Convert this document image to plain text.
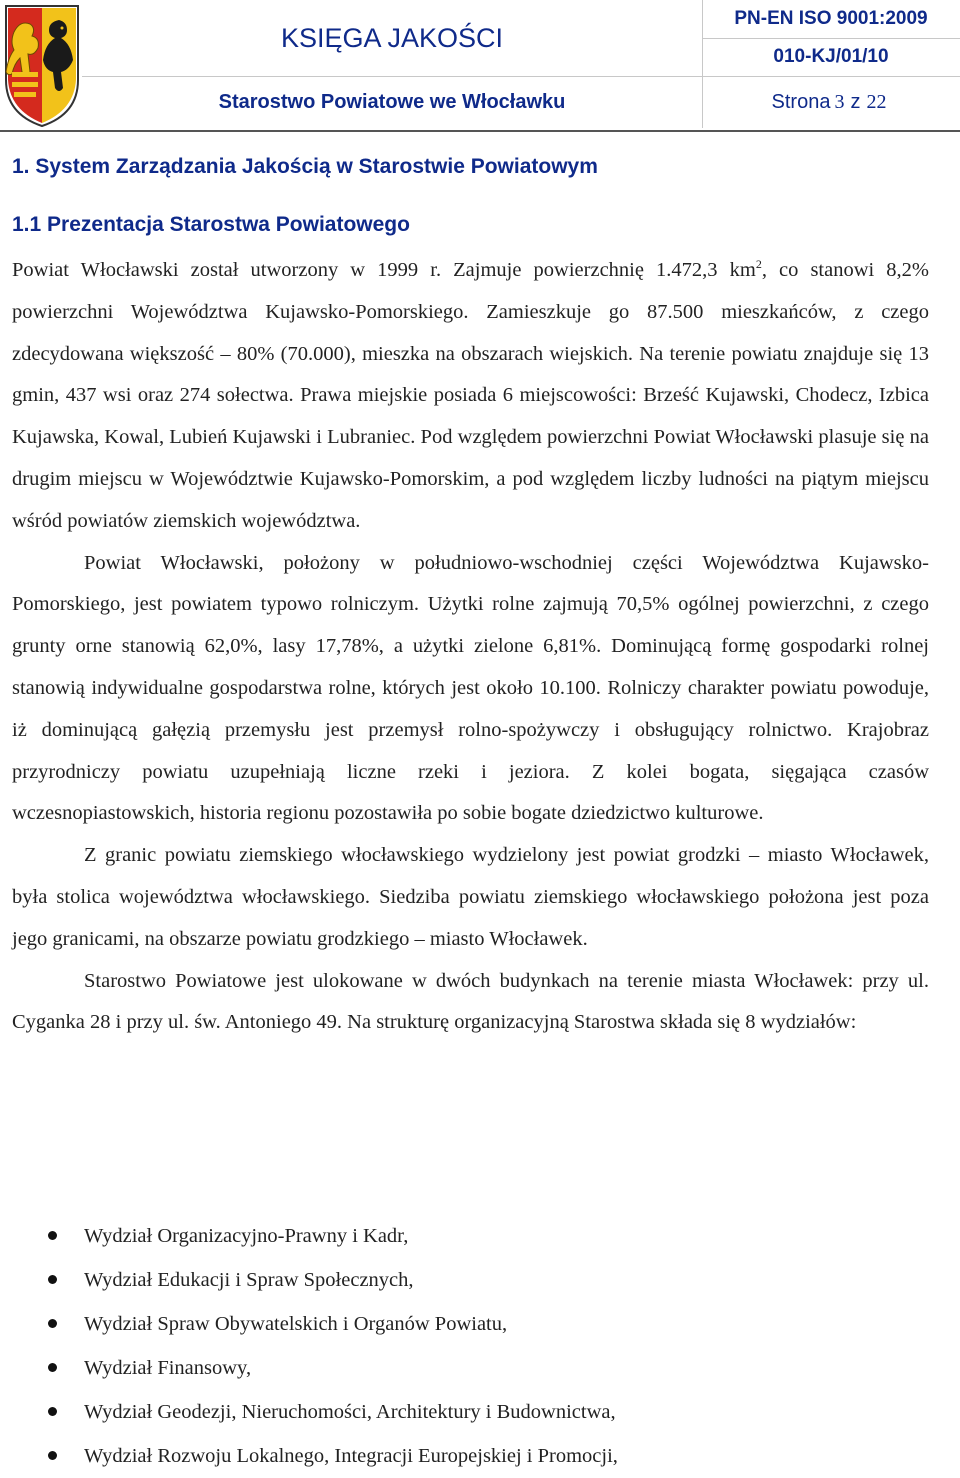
KSIĘGA JAKOŚCI
PN-EN ISO 9001:2009
010-KJ/01/10
Starostwo Powiatowe we Włocławku	Strona 3 z 22
1. System Zarządzania Jakością w Starostwie Powiatowym
1.1 Prezentacja Starostwa Powiatowego

Powiat Włocławski został utworzony w 1999 r. Zajmuje powierzchnię 1.472,3 $km^2$, co stanowi 8,2% powierzchni Województwa Kujawsko-Pomorskiego. Zamieszkuje go 87.500 mieszkańców, z czego zdecydowana większość – 80% (70.000), mieszka na obszarach wiejskich. Na terenie powiatu znajduje się 13 gmin, 437 wsi oraz 274 sołectwa. Prawa miejskie posiada 6 miejscowości: Brześć Kujawski, Chodecz, Izbica Kujawska, Kowal, Lubień Kujawski i Lubraniec. Pod względem powierzchni Powiat Włocławski plasuje się na drugim miejscu w Województwie Kujawsko-Pomorskim, a pod względem liczby ludności na piątym miejscu wśród powiatów ziemskich województwa.

Powiat Włocławski, położony w południowo-wschodniej części Województwa Kujawsko-Pomorskiego, jest powiatem typowo rolniczym. Użytki rolne zajmują 70,5% ogólnej powierzchni, z czego grunty orne stanowią 62,0%, lasy 17,78%, a użytki zielone 6,81%. Dominującą formę gospodarki rolnej stanowią indywidualne gospodarstwa rolne, których jest około 10.100. Rolniczy charakter powiatu powoduje, iż dominującą gałęzią przemysłu jest przemysł rolno-spożywczy i obsługujący rolnictwo. Krajobraz przyrodniczy powiatu uzupełniają liczne rzeki i jeziora. Z kolei bogata, sięgająca czasów wczesnopiastowskich, historia regionu pozostawiła po sobie bogate dziedzictwo kulturowe.

Z granic powiatu ziemskiego włocławskiego wydzielony jest powiat grodzki – miasto Włocławek, była stolica województwa włocławskiego. Siedziba powiatu ziemskiego włocławskiego położona jest poza jego granicami, na obszarze powiatu grodzkiego – miasto Włocławek.

Starostwo Powiatowe jest ulokowane w dwóch budynkach na terenie miasta Włocławek: przy ul. Cyganka 28 i przy ul. św. Antoniego 49. Na strukturę organizacyjną Starostwa składa się 8 wydziałów:

Wydział Organizacyjno-Prawny i Kadr,
Wydział Edukacji i Spraw Społecznych,
Wydział Spraw Obywatelskich i Organów Powiatu,
Wydział Finansowy,
Wydział Geodezji, Nieruchomości, Architektury i Budownictwa,
Wydział Rozwoju Lokalnego, Integracji Europejskiej i Promocji,
